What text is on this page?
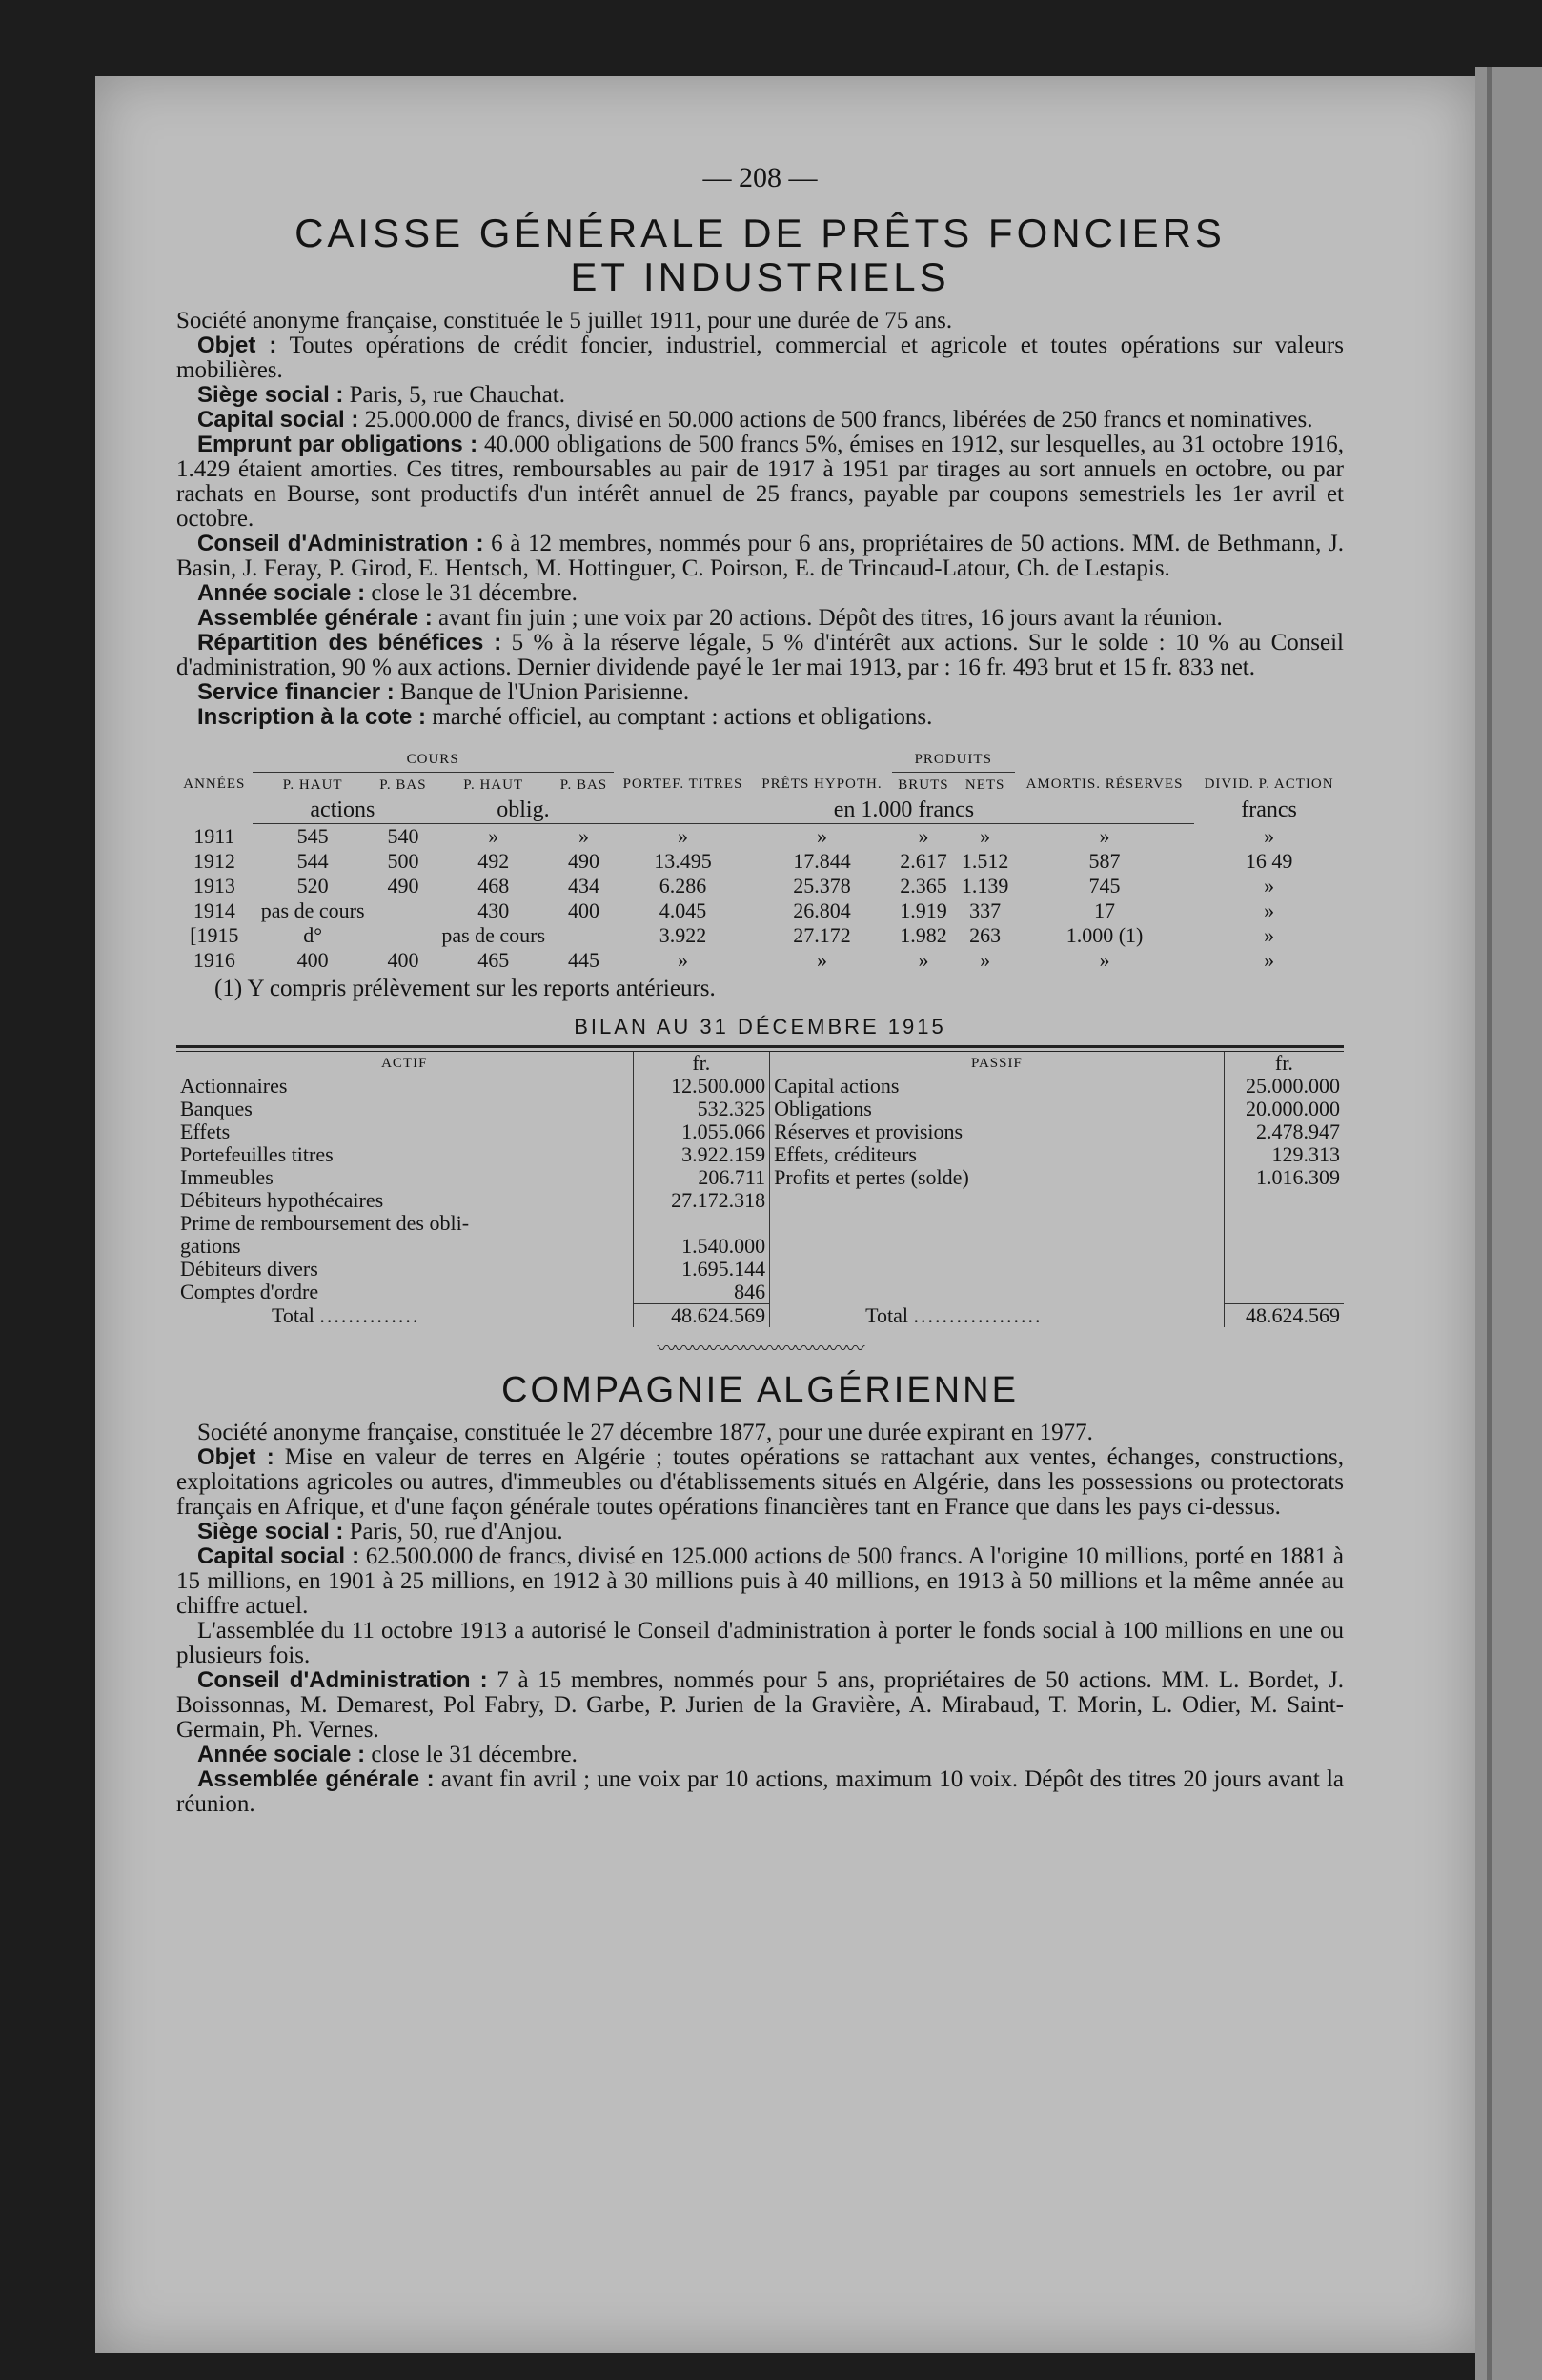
— 208 —
CAISSE GÉNÉRALE DE PRÊTS FONCIERS
ET INDUSTRIELS

Société anonyme française, constituée le 5 juillet 1911, pour une durée de 75 ans.

Objet : Toutes opérations de crédit foncier, industriel, commercial et agricole et toutes opérations sur valeurs mobilières.

Siège social : Paris, 5, rue Chauchat.

Capital social : 25.000.000 de francs, divisé en 50.000 actions de 500 francs, libérées de 250 francs et nominatives.

Emprunt par obligations : 40.000 obligations de 500 francs 5%, émises en 1912, sur lesquelles, au 31 octobre 1916, 1.429 étaient amorties. Ces titres, remboursables au pair de 1917 à 1951 par tirages au sort annuels en octobre, ou par rachats en Bourse, sont productifs d'un intérêt annuel de 25 francs, payable par coupons semestriels les 1er avril et octobre.

Conseil d'Administration : 6 à 12 membres, nommés pour 6 ans, propriétaires de 50 actions. MM. de Bethmann, J. Basin, J. Feray, P. Girod, E. Hentsch, M. Hottinguer, C. Poirson, E. de Trincaud-Latour, Ch. de Lestapis.

Année sociale : close le 31 décembre.

Assemblée générale : avant fin juin ; une voix par 20 actions. Dépôt des titres, 16 jours avant la réunion.

Répartition des bénéfices : 5 % à la réserve légale, 5 % d'intérêt aux actions. Sur le solde : 10 % au Conseil d'administration, 90 % aux actions. Dernier dividende payé le 1er mai 1913, par : 16 fr. 493 brut et 15 fr. 833 net.

Service financier : Banque de l'Union Parisienne.

Inscription à la cote : marché officiel, au comptant : actions et obligations.

	COURS						PRODUITS			
ANNÉES	P. HAUT	P. BAS	P. HAUT	P. BAS	PORTEF. TITRES	PRÊTS HYPOTH.	BRUTS	NETS	AMORTIS. RÉSERVES	DIVID. P. ACTION
	actions		oblig.		en 1.000 francs					francs
1911	545	540	»	»	»	»	»	»	»	»
1912	544	500	492	490	13.495	17.844	2.617	1.512	587	16 49
1913	520	490	468	434	6.286	25.378	2.365	1.139	745	»
1914	pas de cours		430	400	4.045	26.804	1.919	337	17	»
[1915	d°		pas de cours		3.922	27.172	1.982	263	1.000 (1)	»
1916	400	400	465	445	»	»	»	»	»	»

(1) Y compris prélèvement sur les reports antérieurs.

BILAN AU 31 DÉCEMBRE 1915
ACTIF	fr.	PASSIF	fr.
Actionnaires	12.500.000	Capital actions	25.000.000
Banques	532.325	Obligations	20.000.000
Effets	1.055.066	Réserves et provisions	2.478.947
Portefeuilles titres	3.922.159	Effets, créditeurs	129.313
Immeubles	206.711	Profits et pertes (solde)	1.016.309
Débiteurs hypothécaires	27.172.318		
Prime de remboursement des obli-			
gations	1.540.000		
Débiteurs divers	1.695.144		
Comptes d'ordre	846		
Total ..............	48.624.569	Total ..................	48.624.569
〰〰〰〰〰〰〰〰〰〰〰〰
COMPAGNIE ALGÉRIENNE

Société anonyme française, constituée le 27 décembre 1877, pour une durée expirant en 1977.

Objet : Mise en valeur de terres en Algérie ; toutes opérations se rattachant aux ventes, échanges, constructions, exploitations agricoles ou autres, d'immeubles ou d'établissements situés en Algérie, dans les possessions ou protectorats français en Afrique, et d'une façon générale toutes opérations financières tant en France que dans les pays ci-dessus.

Siège social : Paris, 50, rue d'Anjou.

Capital social : 62.500.000 de francs, divisé en 125.000 actions de 500 francs. A l'origine 10 millions, porté en 1881 à 15 millions, en 1901 à 25 millions, en 1912 à 30 millions puis à 40 millions, en 1913 à 50 millions et la même année au chiffre actuel.

L'assemblée du 11 octobre 1913 a autorisé le Conseil d'administration à porter le fonds social à 100 millions en une ou plusieurs fois.

Conseil d'Administration : 7 à 15 membres, nommés pour 5 ans, propriétaires de 50 actions. MM. L. Bordet, J. Boissonnas, M. Demarest, Pol Fabry, D. Garbe, P. Jurien de la Gravière, A. Mirabaud, T. Morin, L. Odier, M. Saint-Germain, Ph. Vernes.

Année sociale : close le 31 décembre.

Assemblée générale : avant fin avril ; une voix par 10 actions, maximum 10 voix. Dépôt des titres 20 jours avant la réunion.
